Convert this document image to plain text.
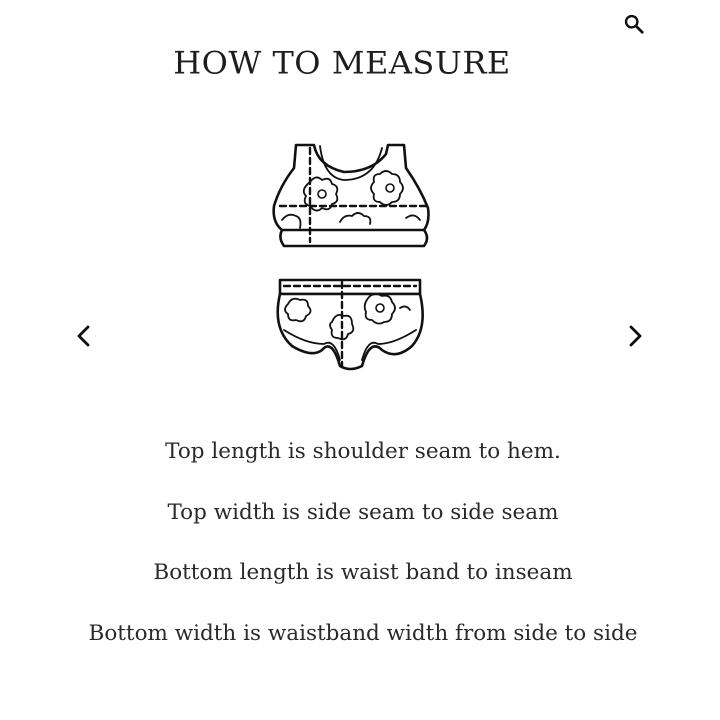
HOW TO MEASURE
Top length is shoulder seam to hem.
Top width is side seam to side seam
Bottom length is waist band to inseam
Bottom width is waistband width from side to side
